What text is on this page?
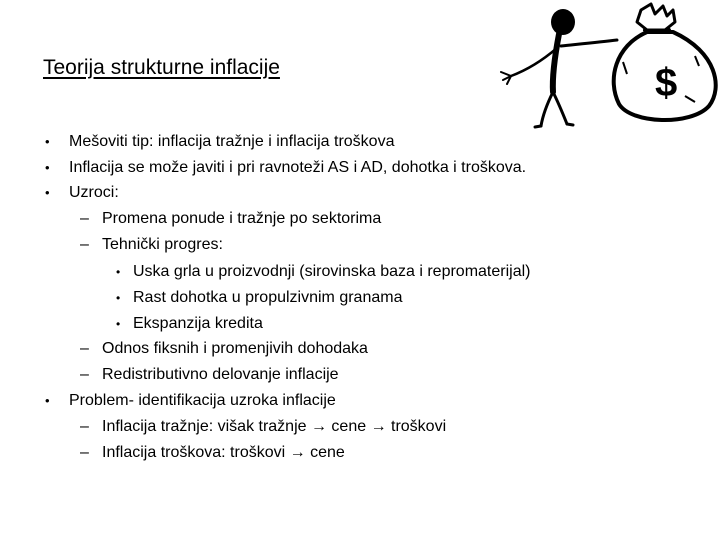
Teorija strukturne inflacije
• Mešoviti tip: inflacija tražnje i inflacija troškova
• Inflacija se može javiti i pri ravnoteži AS i AD, dohotka i troškova.
• Uzroci:
– Promena ponude i tražnje po sektorima
– Tehnički progres:
• Uska grla u proizvodnji (sirovinska baza i repromaterijal)
• Rast dohotka u propulzivnim granama
• Ekspanzija kredita
– Odnos fiksnih i promenjivih dohodaka
– Redistributivno delovanje inflacije
• Problem- identifikacija uzroka inflacije
– Inflacija tražnje: višak tražnje → cene → troškovi
– Inflacija troškova: troškovi → cene
$
